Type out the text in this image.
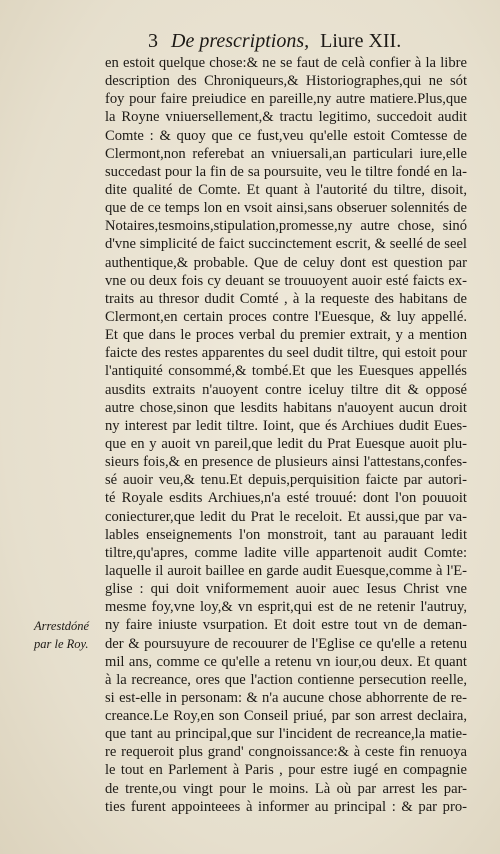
3 De prescriptions, Liure XII.
Arrestdóné
par le Roy.
en estoit quelque chose:& ne se faut de celà confier à la libre
description des Chroniqueurs,& Historiographes,qui ne sót
foy pour faire preiudice en pareille,ny autre matiere.Plus,que
la Royne vniuersellement,& tractu legitimo, succedoit audit
Comte : & quoy que ce fust,veu qu'elle estoit Comtesse de
Clermont,non referebat an vniuersali,an particulari iure,elle
succedast pour la fin de sa poursuite, veu le tiltre fondé en la-
dite qualité de Comte. Et quant à l'autorité du tiltre, disoit,
que de ce temps lon en vsoit ainsi,sans obseruer solennités de
Notaires,tesmoins,stipulation,promesse,ny autre chose, sinó
d'vne simplicité de faict succinctement escrit, & seellé de seel
authentique,& probable. Que de celuy dont est question par
vne ou deux fois cy deuant se trouuoyent auoir esté faicts ex-
traits au thresor dudit Comté , à la requeste des habitans de
Clermont,en certain proces contre l'Euesque, & luy appellé.
Et que dans le proces verbal du premier extrait, y a mention
faicte des restes apparentes du seel dudit tiltre, qui estoit pour
l'antiquité consommé,& tombé.Et que les Euesques appellés
ausdits extraits n'auoyent contre iceluy tiltre dit & opposé
autre chose,sinon que lesdits habitans n'auoyent aucun droit
ny interest par ledit tiltre. Ioint, que és Archiues dudit Eues-
que en y auoit vn pareil,que ledit du Prat Euesque auoit plu-
sieurs fois,& en presence de plusieurs ainsi l'attestans,confes-
sé auoir veu,& tenu.Et depuis,perquisition faicte par autori-
té Royale esdits Archiues,n'a esté trouué: dont l'on pouuoit
coniecturer,que ledit du Prat le receloit. Et aussi,que par va-
lables enseignements l'on monstroit, tant au parauant ledit
tiltre,qu'apres, comme ladite ville appartenoit audit Comte:
laquelle il auroit baillee en garde audit Euesque,comme à l'E-
glise : qui doit vniformement auoir auec Iesus Christ vne
mesme foy,vne loy,& vn esprit,qui est de ne retenir l'autruy,
ny faire iniuste vsurpation. Et doit estre tout vn de deman-
der & poursuyure de recouurer de l'Eglise ce qu'elle a retenu
mil ans, comme ce qu'elle a retenu vn iour,ou deux. Et quant
à la recreance, ores que l'action contienne persecution reelle,
si est-elle in personam: & n'a aucune chose abhorrente de re-
creance.Le Roy,en son Conseil priué, par son arrest declaira,
que tant au principal,que sur l'incident de recreance,la matie-
re requeroit plus grand' congnoissance:& à ceste fin renuoya
le tout en Parlement à Paris , pour estre iugé en compagnie
de trente,ou vingt pour le moins. Là où par arrest les par-
ties furent appointeees à informer au principal : & par pro-
